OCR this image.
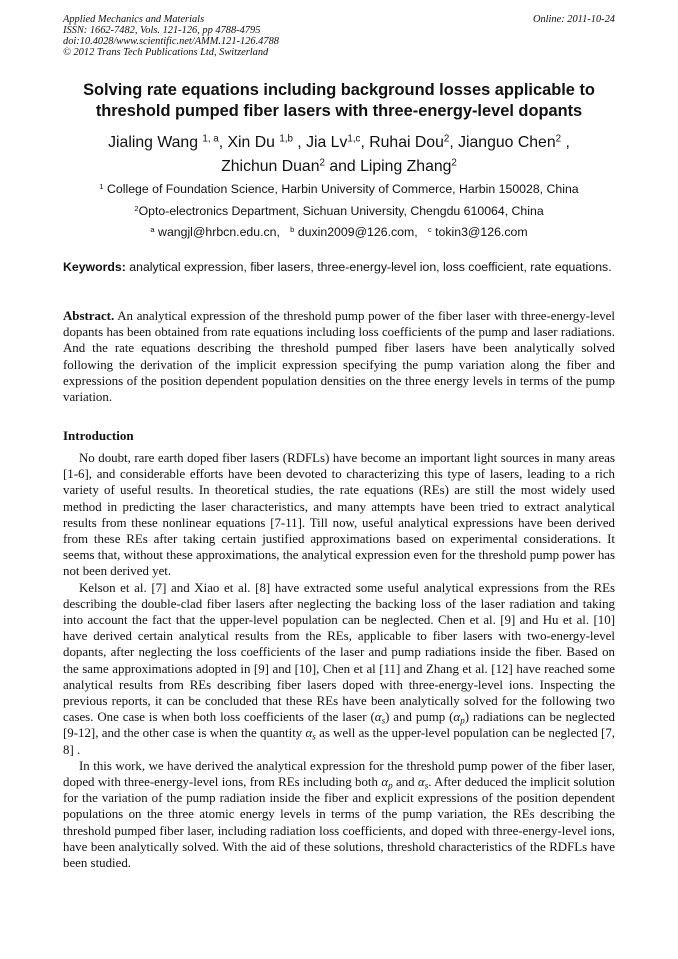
Applied Mechanics and Materials
ISSN: 1662-7482, Vols. 121-126, pp 4788-4795
doi:10.4028/www.scientific.net/AMM.121-126.4788
© 2012 Trans Tech Publications Ltd, Switzerland
Online: 2011-10-24
Solving rate equations including background losses applicable to
threshold pumped fiber lasers with three-energy-level dopants
Jialing Wang $^{1, a}$, Xin Du $^{1,b}$ , Jia Lv$^{1,c}$, Ruhai Dou$^2$, Jianguo Chen$^2$ ,
Zhichun Duan$^2$ and Liping Zhang$^2$
$^1$ College of Foundation Science, Harbin University of Commerce, Harbin 150028, China
$^2$Opto-electronics Department, Sichuan University, Chengdu 610064, China
$^a$ wangjl@hrbcn.edu.cn, $^b$ duxin2009@126.com, $^c$ tokin3@126.com
Keywords: analytical expression, fiber lasers, three-energy-level ion, loss coefficient, rate equations.

Abstract. An analytical expression of the threshold pump power of the fiber laser with three-energy-level dopants has been obtained from rate equations including loss coefficients of the pump and laser radiations. And the rate equations describing the threshold pumped fiber lasers have been analytically solved following the derivation of the implicit expression specifying the pump variation along the fiber and expressions of the position dependent population densities on the three energy levels in terms of the pump variation.

Introduction

No doubt, rare earth doped fiber lasers (RDFLs) have become an important light sources in many areas [1-6], and considerable efforts have been devoted to characterizing this type of lasers, leading to a rich variety of useful results. In theoretical studies, the rate equations (REs) are still the most widely used method in predicting the laser characteristics, and many attempts have been tried to extract analytical results from these nonlinear equations [7-11]. Till now, useful analytical expressions have been derived from these REs after taking certain justified approximations based on experimental considerations. It seems that, without these approximations, the analytical expression even for the threshold pump power has not been derived yet.

Kelson et al. [7] and Xiao et al. [8] have extracted some useful analytical expressions from the REs describing the double-clad fiber lasers after neglecting the backing loss of the laser radiation and taking into account the fact that the upper-level population can be neglected. Chen et al. [9] and Hu et al. [10] have derived certain analytical results from the REs, applicable to fiber lasers with two-energy-level dopants, after neglecting the loss coefficients of the laser and pump radiations inside the fiber. Based on the same approximations adopted in [9] and [10], Chen et al [11] and Zhang et al. [12] have reached some analytical results from REs describing fiber lasers doped with three-energy-level ions. Inspecting the previous reports, it can be concluded that these REs have been analytically solved for the following two cases. One case is when both loss coefficients of the laser $(\alpha_s)$ and pump $(\alpha_p)$ radiations can be neglected [9-12], and the other case is when the quantity $\alpha_s$ as well as the upper-level population can be neglected [7, 8] .

In this work, we have derived the analytical expression for the threshold pump power of the fiber laser, doped with three-energy-level ions, from REs including both $\alpha_p$ and $\alpha_s$. After deduced the implicit solution for the variation of the pump radiation inside the fiber and explicit expressions of the position dependent populations on the three atomic energy levels in terms of the pump variation, the REs describing the threshold pumped fiber laser, including radiation loss coefficients, and doped with three-energy-level ions, have been analytically solved. With the aid of these solutions, threshold characteristics of the RDFLs have been studied.
